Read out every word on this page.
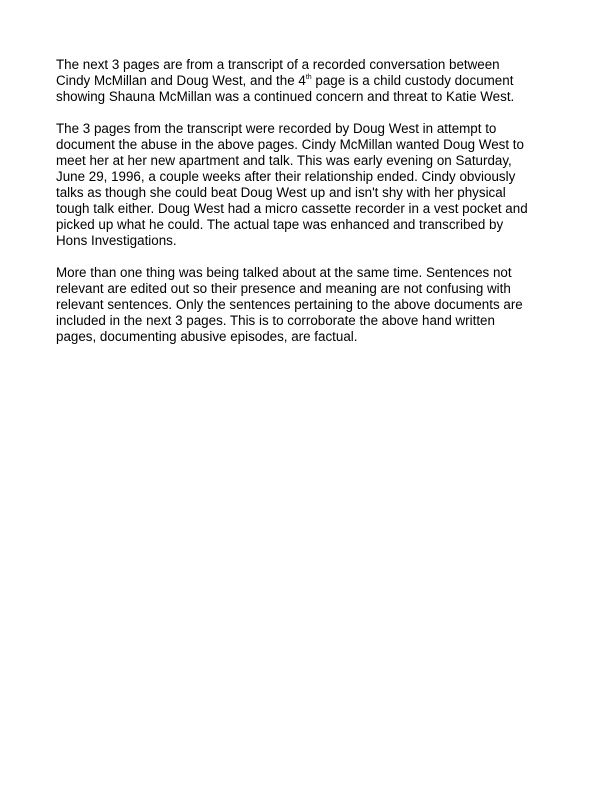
The next 3 pages are from a transcript of a recorded conversation between
Cindy McMillan and Doug West, and the 4th page is a child custody document
showing Shauna McMillan was a continued concern and threat to Katie West.

The 3 pages from the transcript were recorded by Doug West in attempt to
document the abuse in the above pages. Cindy McMillan wanted Doug West to
meet her at her new apartment and talk. This was early evening on Saturday,
June 29, 1996, a couple weeks after their relationship ended. Cindy obviously
talks as though she could beat Doug West up and isn't shy with her physical
tough talk either. Doug West had a micro cassette recorder in a vest pocket and
picked up what he could. The actual tape was enhanced and transcribed by
Hons Investigations.

More than one thing was being talked about at the same time. Sentences not
relevant are edited out so their presence and meaning are not confusing with
relevant sentences. Only the sentences pertaining to the above documents are
included in the next 3 pages. This is to corroborate the above hand written
pages, documenting abusive episodes, are factual.
